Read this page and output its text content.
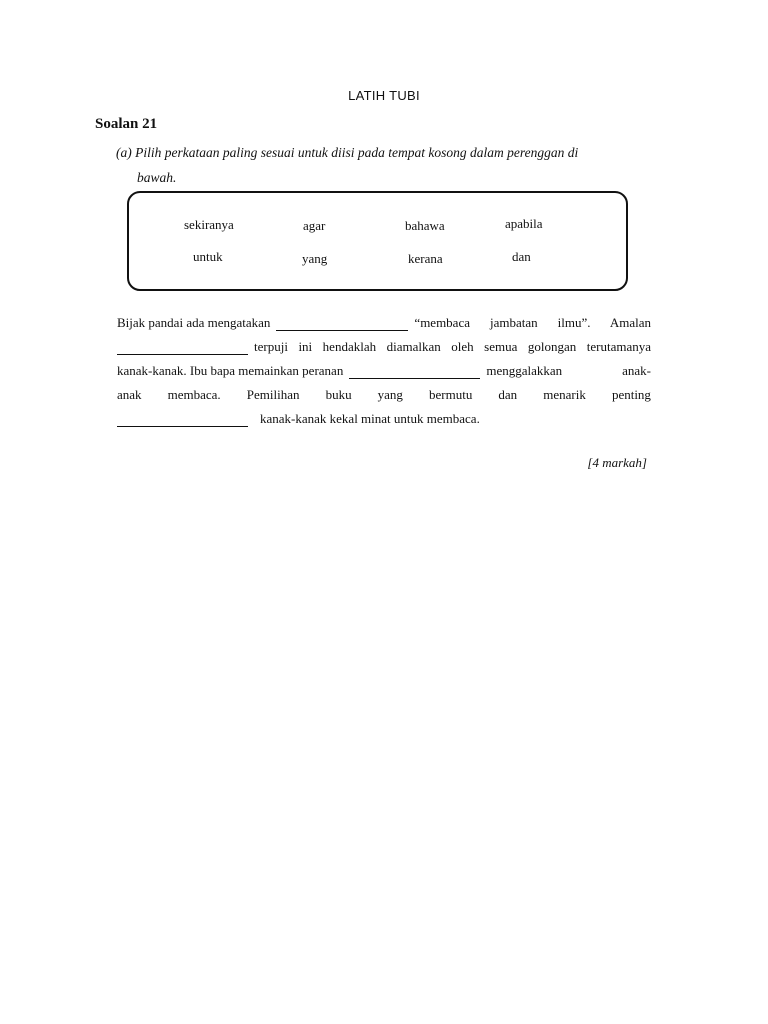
LATIH TUBI
Soalan 21
(a) Pilih perkataan paling sesuai untuk diisi pada tempat kosong dalam perenggan di
bawah.
sekiranya	agar	bahawa	apabila
untuk	yang	kerana	dan
Bijak pandai ada mengatakan	“membaca jambatan ilmu”. Amalan
terpuji ini hendaklah diamalkan oleh semua golongan terutamanya
kanak-kanak. Ibu bapa memainkan peranan	menggalakkan anak-
anak membaca. Pemilihan buku yang bermutu dan menarik penting
kanak-kanak kekal minat untuk membaca.
[4 markah]
